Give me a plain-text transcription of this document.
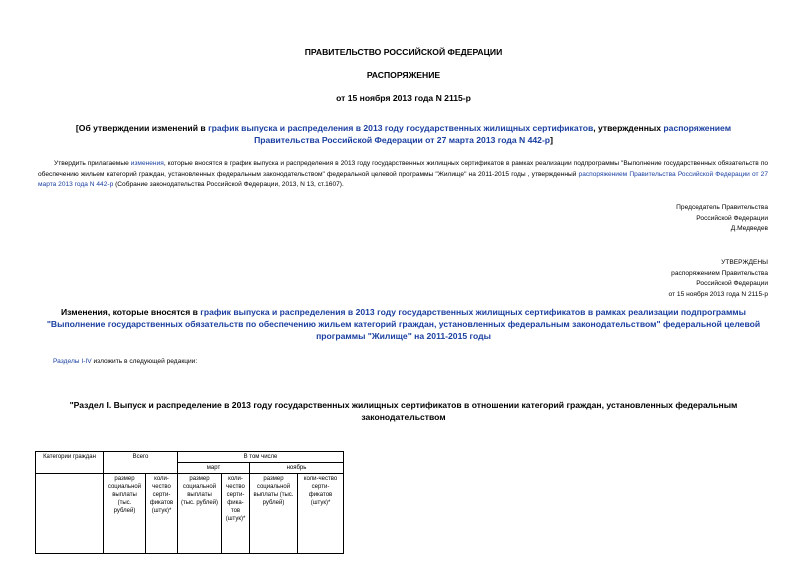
ПРАВИТЕЛЬСТВО РОССИЙСКОЙ ФЕДЕРАЦИИ
РАСПОРЯЖЕНИЕ
от 15 ноября 2013 года N 2115-р
[Об утверждении изменений в график выпуска и распределения в 2013 году государственных жилищных сертификатов, утвержденных распоряжением
Правительства Российской Федерации от 27 марта 2013 года N 442-р]
Утвердить прилагаемые изменения, которые вносятся в график выпуска и распределения в 2013 году государственных жилищных сертификатов в рамках реализации подпрограммы "Выполнение государственных обязательств по обеспечению жильем категорий граждан, установленных федеральным законодательством" федеральной целевой программы "Жилище" на 2011-2015 годы , утвержденный распоряжением Правительства Российской Федерации от 27 марта 2013 года N 442-р (Собрание законодательства Российской Федерации, 2013, N 13, ст.1607).
Председатель Правительства
Российской Федерации
Д.Медведев
УТВЕРЖДЕНЫ
распоряжением Правительства
Российской Федерации
от 15 ноября 2013 года N 2115-р
Изменения, которые вносятся в график выпуска и распределения в 2013 году государственных жилищных сертификатов в рамках реализации подпрограммы "Выполнение государственных обязательств по обеспечению жильем категорий граждан, установленных федеральным законодательством" федеральной целевой программы "Жилище" на 2011-2015 годы
Разделы I-IV изложить в следующей редакции:
"Раздел I. Выпуск и распределение в 2013 году государственных жилищных сертификатов в отношении категорий граждан, установленных федеральным законодательством
Категории граждан	Всего		В том числе			
			март		ноябрь	
	размер социальной выплаты (тыс. рублей)	коли-чество серти-фикатов (штук)*	размер социальной выплаты (тыс. рублей)	коли-чество серти-фика-тов (штук)*	размер социальной выплаты (тыс. рублей)	коли-чество серти-фикатов (штук)*
